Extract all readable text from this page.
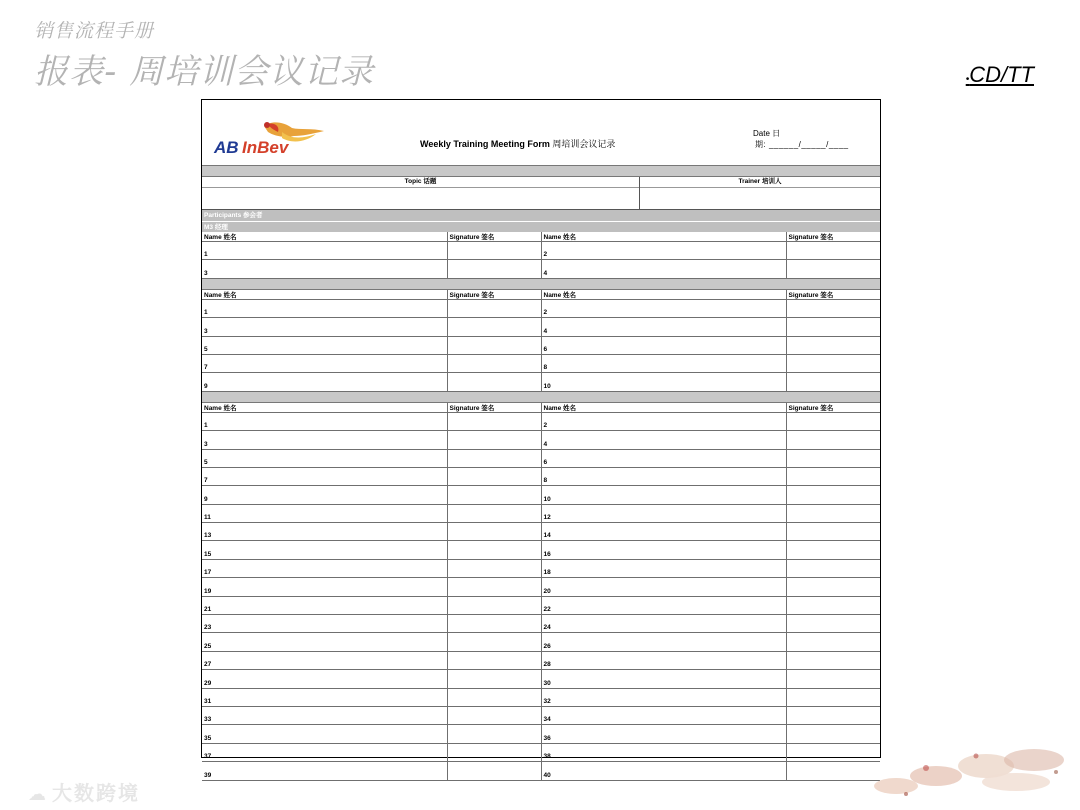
销售流程手册
报表- 周培训会议记录	•CD/TT
AB InBev	Weekly Training Meeting Form 周培训会议记录
Date 日
期: ______/_____/____
Topic 话题	Trainer 培训人
Participants 参会者
M3 经理
Name 姓名	Signature 签名	Name 姓名	Signature 签名
1		2	
3		4	
Name 姓名	Signature 签名	Name 姓名	Signature 签名
1		2	
3		4	
5		6	
7		8	
9		10	
Name 姓名	Signature 签名	Name 姓名	Signature 签名
1		2	
3		4	
5		6	
7		8	
9		10	
11		12	
13		14	
15		16	
17		18	
19		20	
21		22	
23		24	
25		26	
27		28	
29		30	
31		32	
33		34	
35		36	
37		38	
39		40	
☁ 大数跨境
